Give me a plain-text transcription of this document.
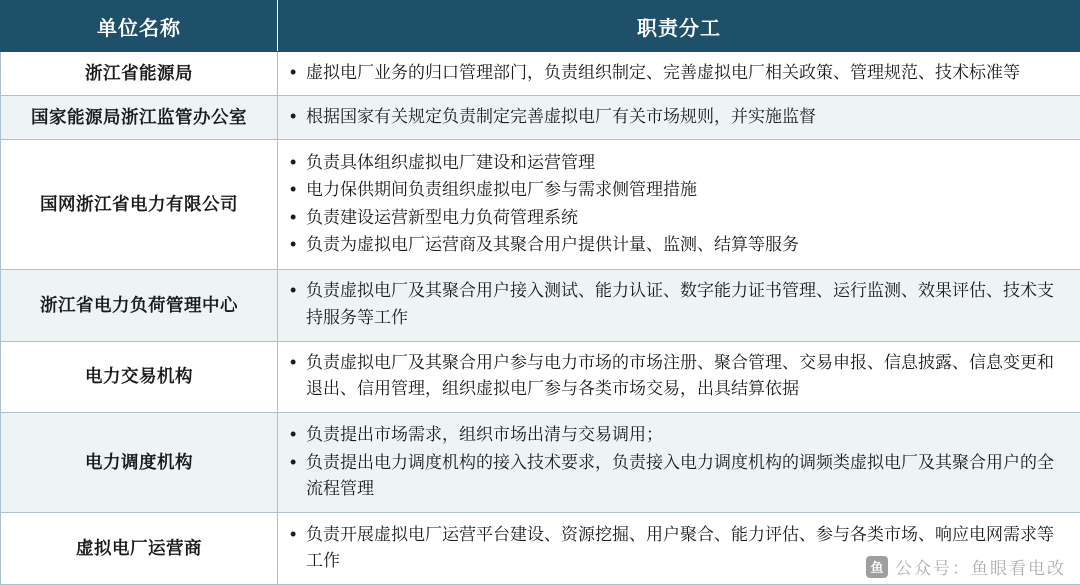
单位名称	职责分工
浙江省能源局	
•虚拟电厂业务的归口管理部门，负责组织制定、完善虚拟电厂相关政策、管理规范、技术标准等

国家能源局浙江监管办公室	
•根据国家有关规定负责制定完善虚拟电厂有关市场规则，并实施监督

国网浙江省电力有限公司	
• 负责具体组织虚拟电厂建设和运营管理
• 电力保供期间负责组织虚拟电厂参与需求侧管理措施
• 负责建设运营新型电力负荷管理系统
• 负责为虚拟电厂运营商及其聚合用户提供计量、监测、结算等服务

浙江省电力负荷管理中心	
• 负责虚拟电厂及其聚合用户接入测试、能力认证、数字能力证书管理、运行监测、效果评估、技术支持服务等工作

电力交易机构	
• 负责虚拟电厂及其聚合用户参与电力市场的市场注册、聚合管理、交易申报、信息披露、信息变更和退出、信用管理，组织虚拟电厂参与各类市场交易，出具结算依据

电力调度机构	
• 负责提出市场需求，组织市场出清与交易调用；
• 负责提出电力调度机构的接入技术要求，负责接入电力调度机构的调频类虚拟电厂及其聚合用户的全流程管理

虚拟电厂运营商	
• 负责开展虚拟电厂运营平台建设、资源挖掘、用户聚合、能力评估、参与各类市场、响应电网需求等工作	鱼 公众号：鱼眼看电改
